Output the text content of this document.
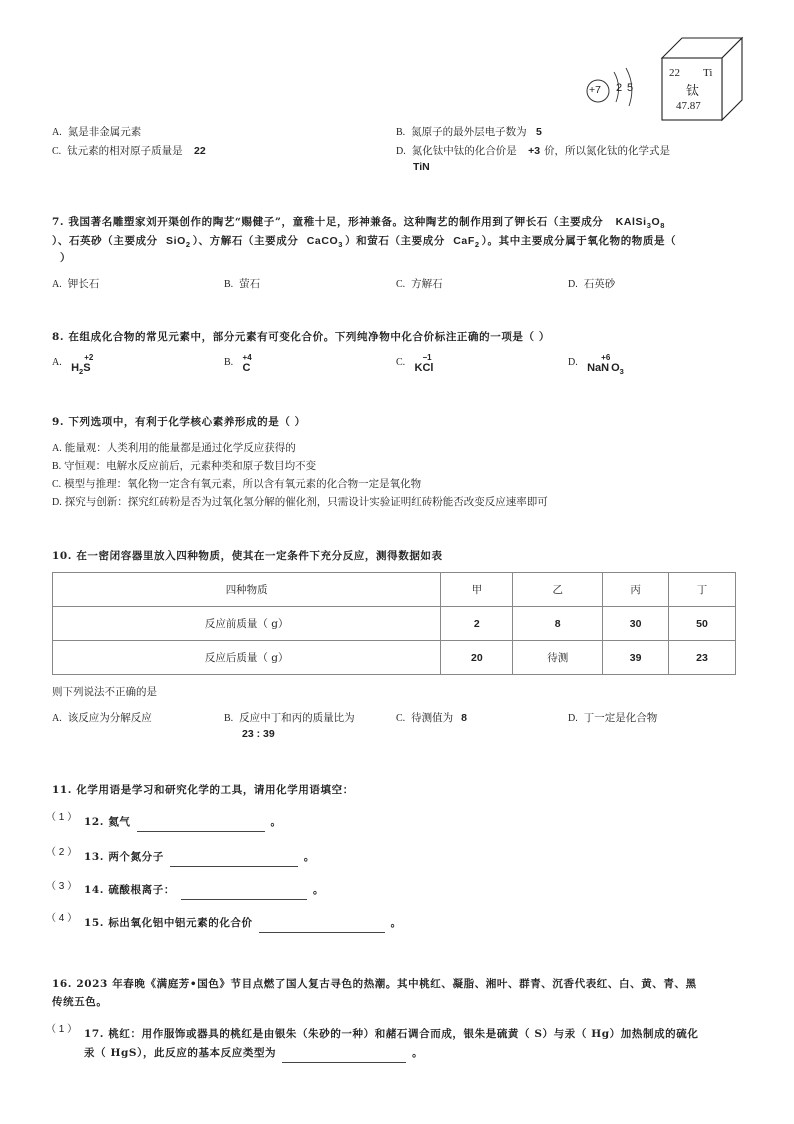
+7 2 5
22 Ti
钛
47.87
A. 氮是非金属元素	B. 氮原子的最外层电子数为 5
C. 钛元素的相对原子质量是 22	D. 氮化钛中钛的化合价是 +3 价，所以氮化钛的化学式是
TiN
7. 我国著名雕塑家刘开渠创作的陶艺“赐健子”，童稚十足，形神兼备。这种陶艺的制作用到了钾长石（主要成分 $KAlSi_3O_8$
）、石英砂（主要成分 SiO$_2$ ）、方解石（主要成分 CaCO$_3$ ）和萤石（主要成分 CaF$_2$ ）。其中主要成分属于氧化物的物质是（
）
A. 钾长石	B. 萤石	C. 方解石	D. 石英砂
8. 在组成化合物的常见元素中，部分元素有可变化合价。下列纯净物中化合价标注正确的一项是（ ）
A. $H_2$
+2
S	B. +4
C	C. K
−1
Cl	D. Na
+6
N $O_3$
9. 下列选项中，有利于化学核心素养形成的是（ ）
A. 能量观：人类利用的能量都是通过化学反应获得的
B. 守恒观：电解水反应前后，元素种类和原子数目均不变
C. 模型与推理：氧化物一定含有氧元素，所以含有氧元素的化合物一定是氧化物
D. 探究与创新：探究红砖粉是否为过氧化氢分解的催化剂，只需设计实验证明红砖粉能否改变反应速率即可
10. 在一密闭容器里放入四种物质，使其在一定条件下充分反应，测得数据如表
四种物质	甲	乙	丙	丁
反应前质量（ g）	2	8	30	50
反应后质量（ g）	20	待测	39	23
则下列说法不正确的是
A. 该反应为分解反应	B. 反应中丁和丙的质量比为
23 : 39
C. 待测值为 8	D. 丁一定是化合物
11. 化学用语是学习和研究化学的工具，请用化学用语填空：
（ 1 ） 12. 氦气	。
（ 2 ） 13. 两个氮分子	。
（ 3 ） 14. 硫酸根离子：	。
（ 4 ） 15. 标出氧化铝中铝元素的化合价	。
16. 2023 年春晚《满庭芳•国色》节目点燃了国人复古寻色的热潮。其中桃红、凝脂、湘叶、群青、沉香代表红、白、黄、青、黑
传统五色。
（ 1 ） 17. 桃红：用作服饰或器具的桃红是由银朱（朱砂的一种）和赭石调合而成，银朱是硫黄（ S）与汞（ Hg）加热制成的硫化
汞（ HgS），此反应的基本反应类型为	。
